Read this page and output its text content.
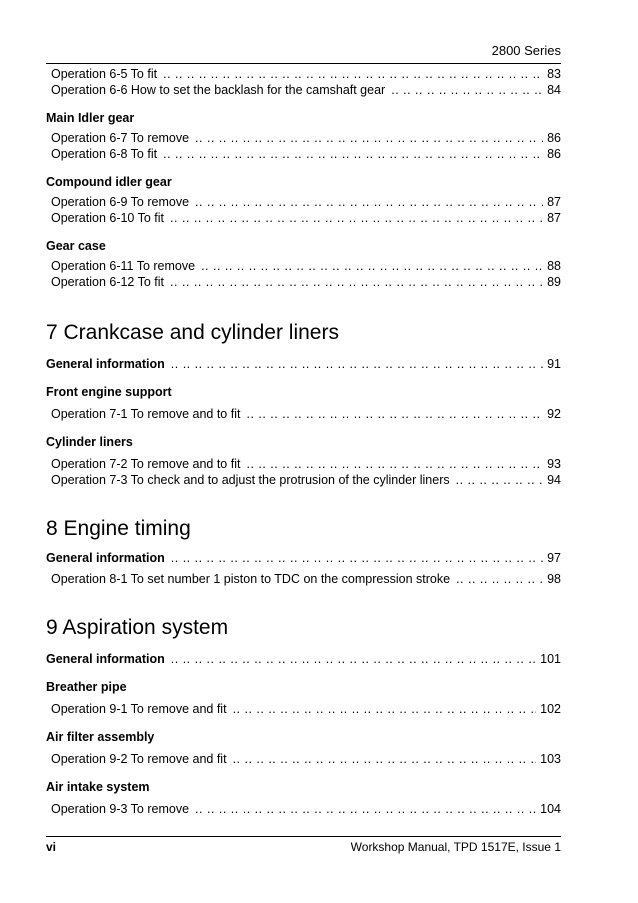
2800 Series
Operation 6-5 To fit .. ..	83
Operation 6-6 How to set the backlash for the camshaft gear .. ..	84
Main Idler gear
Operation 6-7 To remove .. ..	86
Operation 6-8 To fit .. ..	86
Compound idler gear
Operation 6-9 To remove .. ..	87
Operation 6-10 To fit .. ..	87
Gear case
Operation 6-11 To remove .. ..	88
Operation 6-12 To fit .. ..	89
7 Crankcase and cylinder liners
General information .. ..	91
Front engine support
Operation 7-1 To remove and to fit .. ..	92
Cylinder liners
Operation 7-2 To remove and to fit .. ..	93
Operation 7-3 To check and to adjust the protrusion of the cylinder liners .. ..	94
8 Engine timing
General information .. ..	97
Operation 8-1 To set number 1 piston to TDC on the compression stroke .. ..	98
9 Aspiration system
General information .. ..	101
Breather pipe
Operation 9-1 To remove and fit .. ..	102
Air filter assembly
Operation 9-2 To remove and fit .. ..	103
Air intake system
Operation 9-3 To remove .. ..	104
vi	Workshop Manual, TPD 1517E, Issue 1
